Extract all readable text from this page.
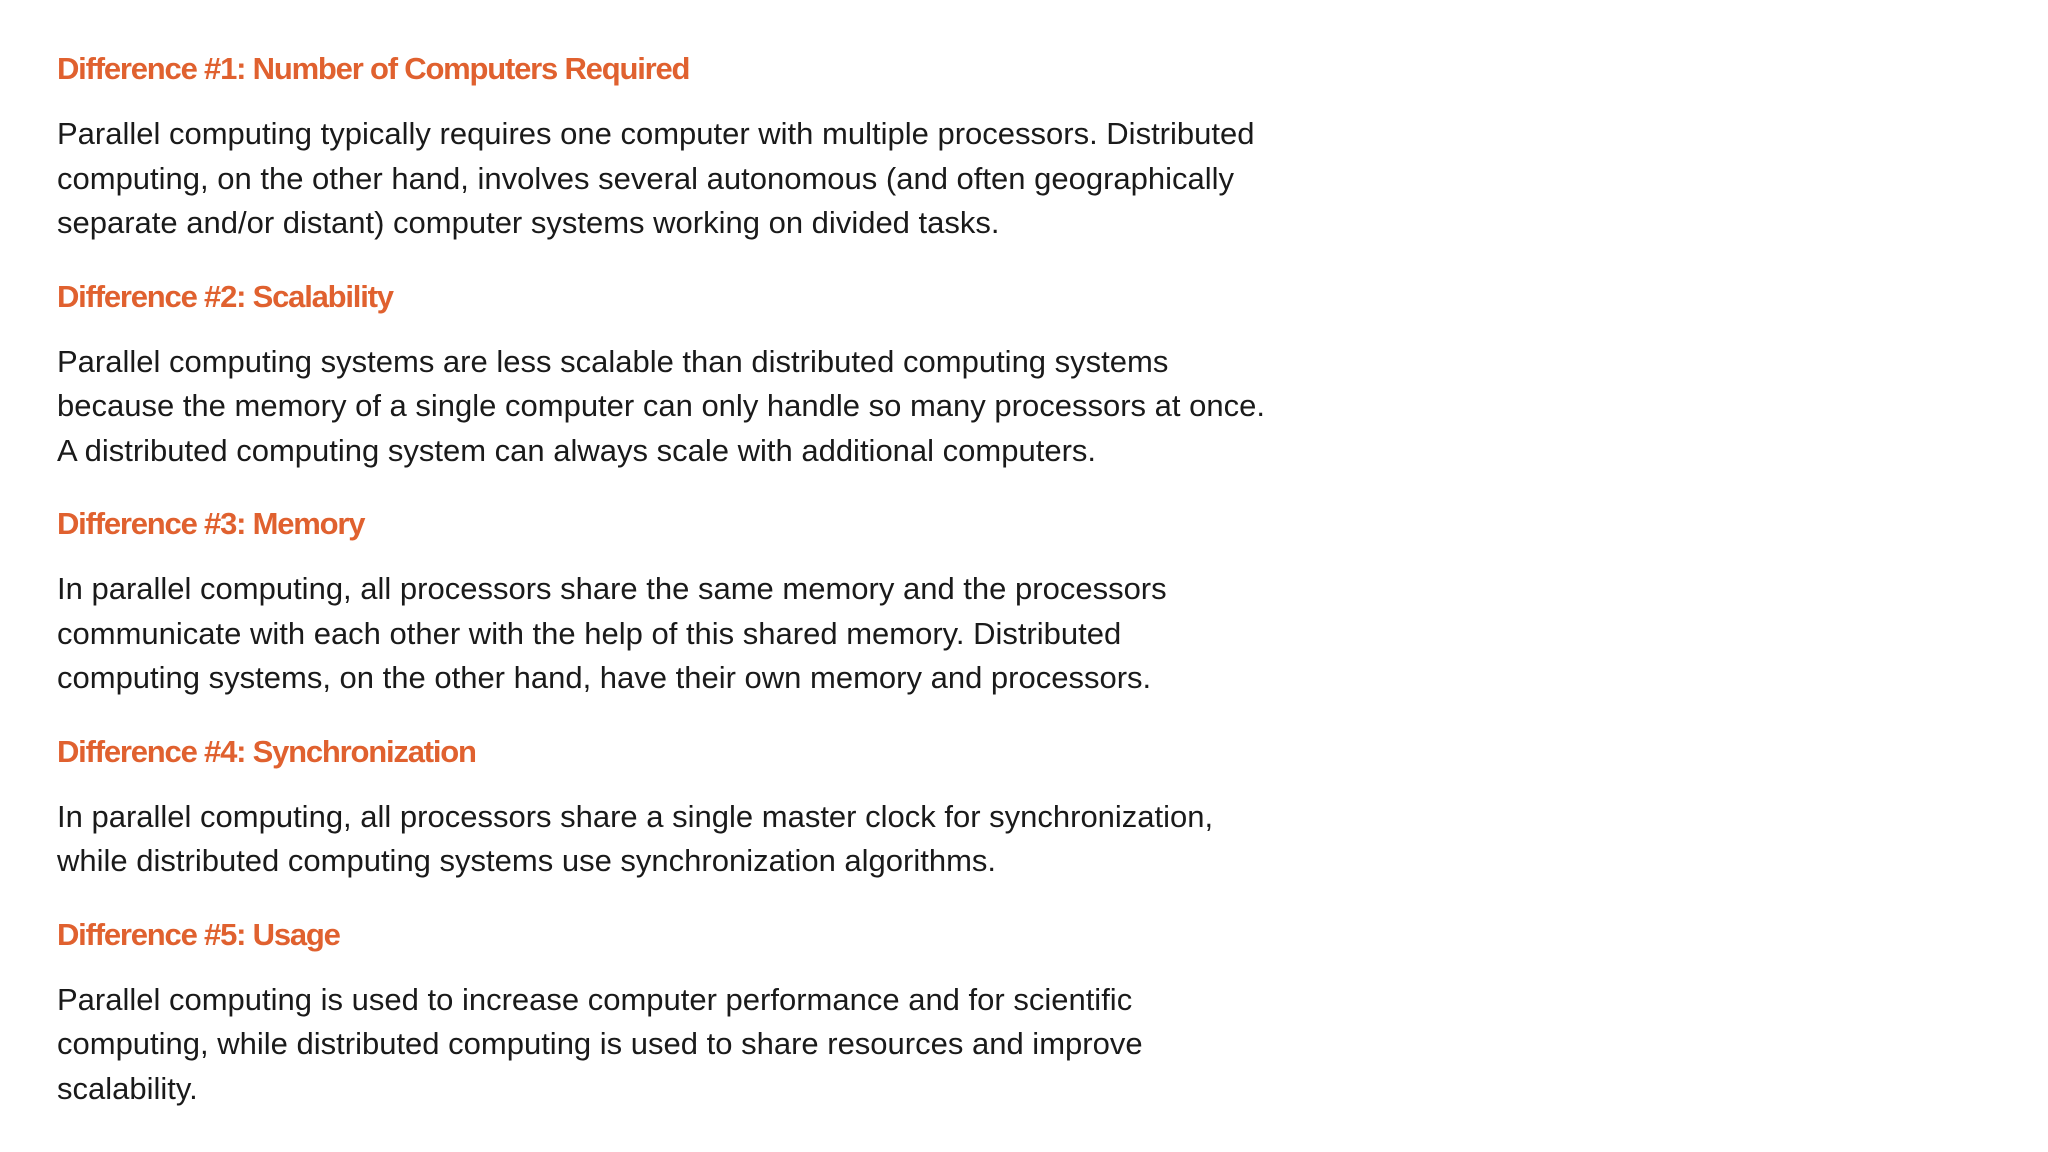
Difference #1: Number of Computers Required

Parallel computing typically requires one computer with multiple processors. Distributed
computing, on the other hand, involves several autonomous (and often geographically
separate and/or distant) computer systems working on divided tasks.

Difference #2: Scalability

Parallel computing systems are less scalable than distributed computing systems
because the memory of a single computer can only handle so many processors at once.
A distributed computing system can always scale with additional computers.

Difference #3: Memory

In parallel computing, all processors share the same memory and the processors
communicate with each other with the help of this shared memory. Distributed
computing systems, on the other hand, have their own memory and processors.

Difference #4: Synchronization

In parallel computing, all processors share a single master clock for synchronization,
while distributed computing systems use synchronization algorithms.

Difference #5: Usage

Parallel computing is used to increase computer performance and for scientific
computing, while distributed computing is used to share resources and improve
scalability.
